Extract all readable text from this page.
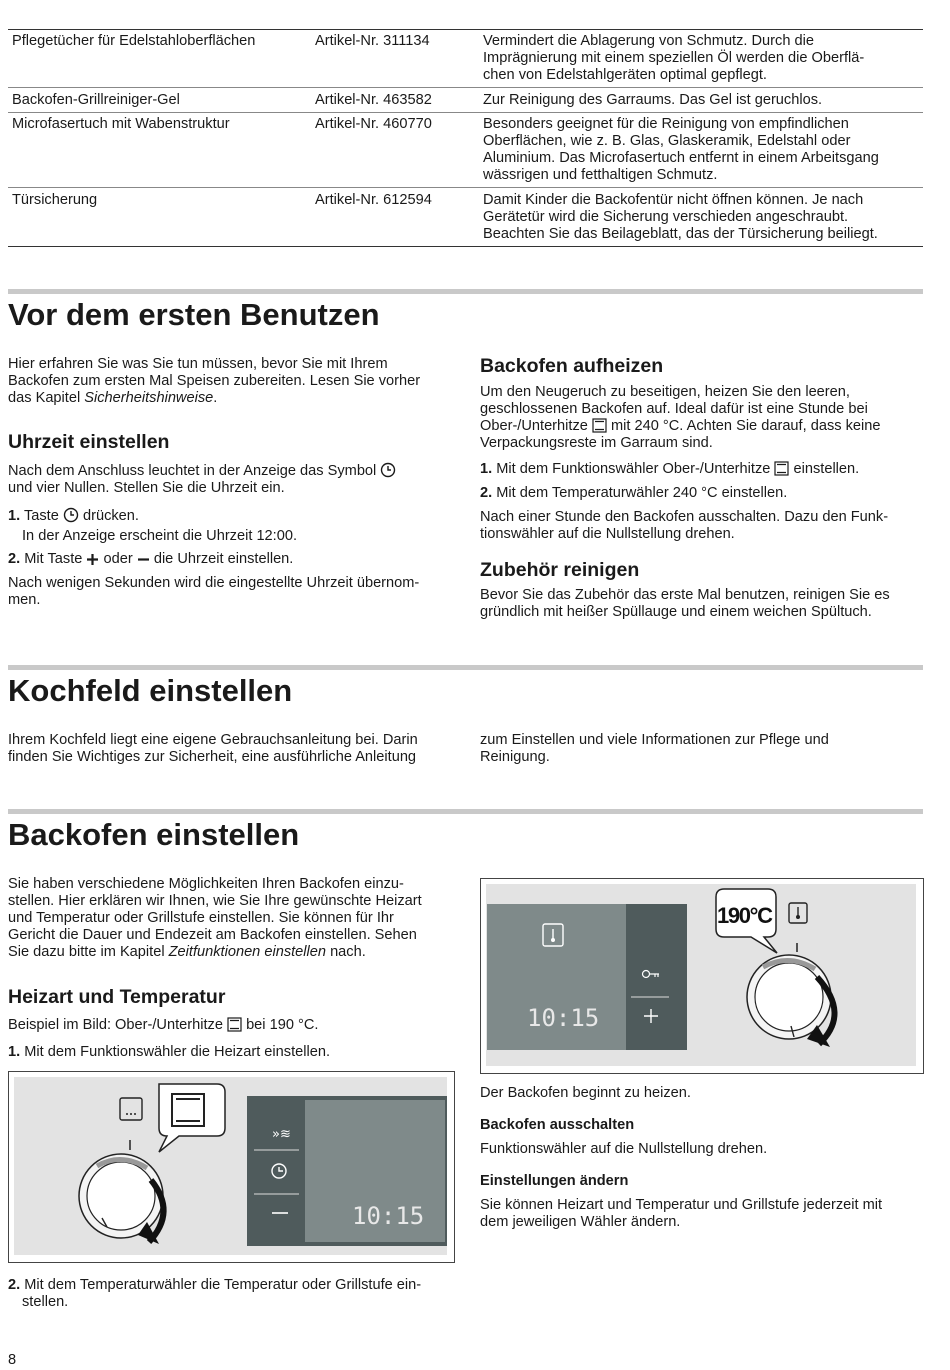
Pflegetücher für Edelstahloberflächen	Artikel-Nr. 311134	Vermindert die Ablagerung von Schmutz. Durch die
Imprägnierung mit einem speziellen Öl werden die Oberflä-
chen von Edelstahlgeräten optimal gepflegt.
Backofen-Grillreiniger-Gel	Artikel-Nr. 463582	Zur Reinigung des Garraums. Das Gel ist geruchlos.
Microfasertuch mit Wabenstruktur	Artikel-Nr. 460770	Besonders geeignet für die Reinigung von empfindlichen
Oberflächen, wie z. B. Glas, Glaskeramik, Edelstahl oder
Aluminium. Das Microfasertuch entfernt in einem Arbeitsgang
wässrigen und fetthaltigen Schmutz.
Türsicherung	Artikel-Nr. 612594	Damit Kinder die Backofentür nicht öffnen können. Je nach
Gerätetür wird die Sicherung verschieden angeschraubt.
Beachten Sie das Beilageblatt, das der Türsicherung beiliegt.
Vor dem ersten Benutzen
Hier erfahren Sie was Sie tun müssen, bevor Sie mit Ihrem
Backofen zum ersten Mal Speisen zubereiten. Lesen Sie vorher
das Kapitel Sicherheitshinweise.
Uhrzeit einstellen
Nach dem Anschluss leuchtet in der Anzeige das Symbol
und vier Nullen. Stellen Sie die Uhrzeit ein.
1. Taste drücken.
In der Anzeige erscheint die Uhrzeit 12:00.
2. Mit Taste oder die Uhrzeit einstellen.
Nach wenigen Sekunden wird die eingestellte Uhrzeit übernom-
men.
Backofen aufheizen
Um den Neugeruch zu beseitigen, heizen Sie den leeren,
geschlossenen Backofen auf. Ideal dafür ist eine Stunde bei
Ober-/Unterhitze mit 240 °C. Achten Sie darauf, dass keine
Verpackungsreste im Garraum sind.
1. Mit dem Funktionswähler Ober-/Unterhitze einstellen.
2. Mit dem Temperaturwähler 240 °C einstellen.
Nach einer Stunde den Backofen ausschalten. Dazu den Funk-
tionswähler auf die Nullstellung drehen.
Zubehör reinigen
Bevor Sie das Zubehör das erste Mal benutzen, reinigen Sie es
gründlich mit heißer Spüllauge und einem weichen Spültuch.
Kochfeld einstellen
Ihrem Kochfeld liegt eine eigene Gebrauchsanleitung bei. Darin
finden Sie Wichtiges zur Sicherheit, eine ausführliche Anleitung
zum Einstellen und viele Informationen zur Pflege und
Reinigung.
Backofen einstellen
Sie haben verschiedene Möglichkeiten Ihren Backofen einzu-
stellen. Hier erklären wir Ihnen, wie Sie Ihre gewünschte Heizart
und Temperatur oder Grillstufe einstellen. Sie können für Ihr
Gericht die Dauer und Endezeit am Backofen einstellen. Sehen
Sie dazu bitte im Kapitel Zeitfunktionen einstellen nach.
Heizart und Temperatur
Beispiel im Bild: Ober-/Unterhitze bei 190 °C.
1. Mit dem Funktionswähler die Heizart einstellen.
»≋
10:15
2. Mit dem Temperaturwähler die Temperatur oder Grillstufe ein-
stellen.
10:15
190°C
Der Backofen beginnt zu heizen.
Backofen ausschalten
Funktionswähler auf die Nullstellung drehen.
Einstellungen ändern
Sie können Heizart und Temperatur und Grillstufe jederzeit mit
dem jeweiligen Wähler ändern.
8
